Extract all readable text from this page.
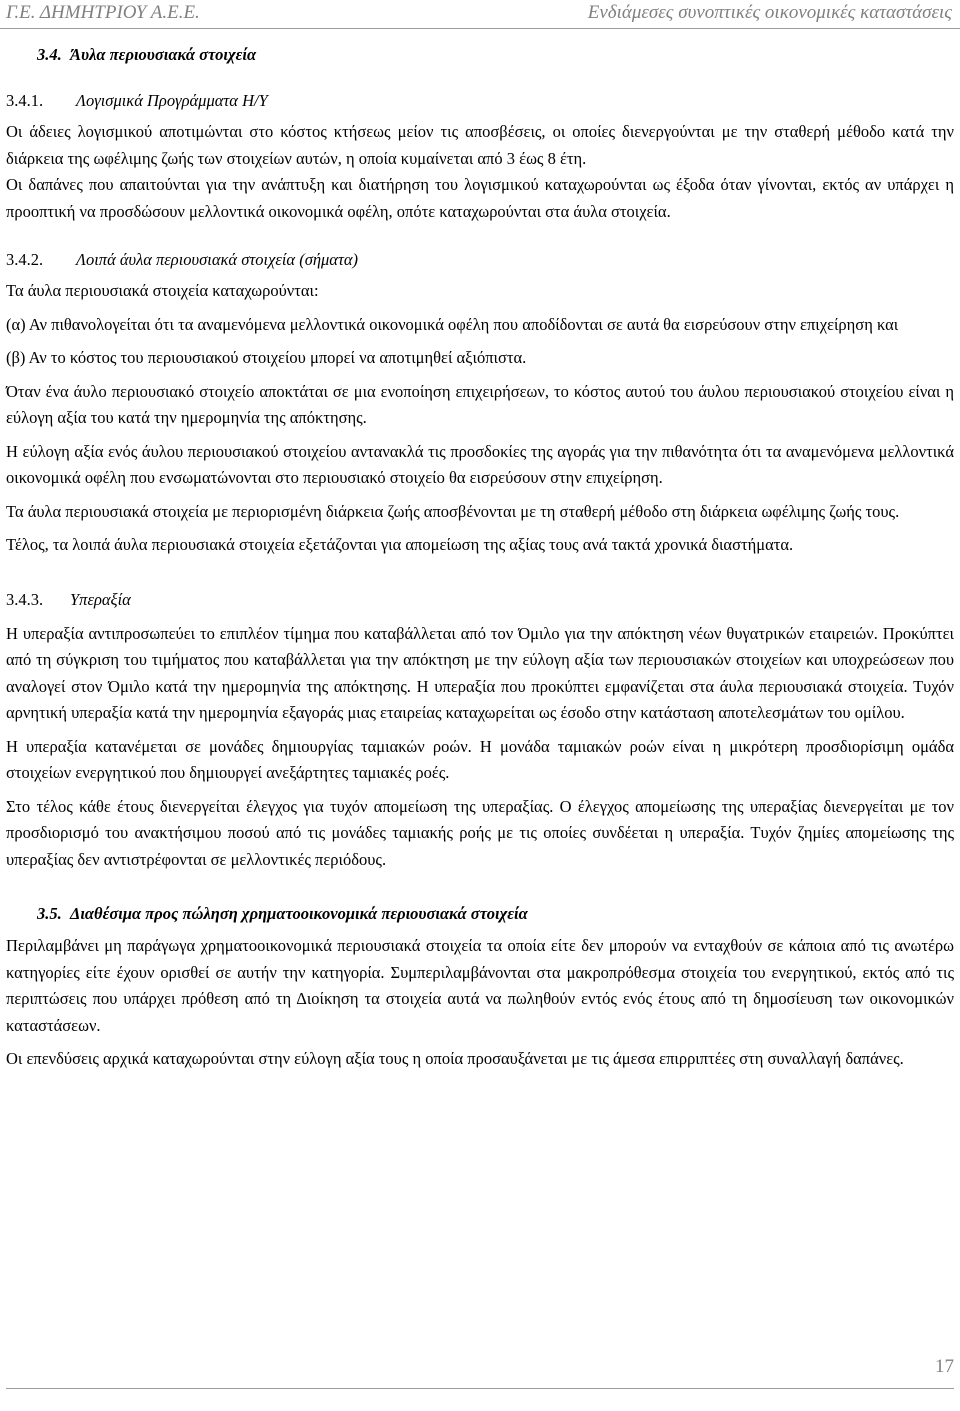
Γ.Ε. ΔΗΜΗΤΡΙΟΥ Α.Ε.Ε.	Ενδιάμεσες συνοπτικές οικονομικές καταστάσεις
3.4. Άυλα περιουσιακά στοιχεία
3.4.1. Λογισμικά Προγράμματα Η/Υ

Οι άδειες λογισμικού αποτιμώνται στο κόστος κτήσεως μείον τις αποσβέσεις, οι οποίες διενεργούνται με την σταθερή μέθοδο κατά την διάρκεια της ωφέλιμης ζωής των στοιχείων αυτών, η οποία κυμαίνεται από 3 έως 8 έτη.

Οι δαπάνες που απαιτούνται για την ανάπτυξη και διατήρηση του λογισμικού καταχωρούνται ως έξοδα όταν γίνονται, εκτός αν υπάρχει η προοπτική να προσδώσουν μελλοντικά οικονομικά οφέλη, οπότε καταχωρούνται στα άυλα στοιχεία.

3.4.2. Λοιπά άυλα περιουσιακά στοιχεία (σήματα)

Τα άυλα περιουσιακά στοιχεία καταχωρούνται:

(α) Αν πιθανολογείται ότι τα αναμενόμενα μελλοντικά οικονομικά οφέλη που αποδίδονται σε αυτά θα εισρεύσουν στην επιχείρηση και

(β) Αν το κόστος του περιουσιακού στοιχείου μπορεί να αποτιμηθεί αξιόπιστα.

Όταν ένα άυλο περιουσιακό στοιχείο αποκτάται σε μια ενοποίηση επιχειρήσεων, το κόστος αυτού του άυλου περιουσιακού στοιχείου είναι η εύλογη αξία του κατά την ημερομηνία της απόκτησης.

Η εύλογη αξία ενός άυλου περιουσιακού στοιχείου αντανακλά τις προσδοκίες της αγοράς για την πιθανότητα ότι τα αναμενόμενα μελλοντικά οικονομικά οφέλη που ενσωματώνονται στο περιουσιακό στοιχείο θα εισρεύσουν στην επιχείρηση.

Τα άυλα περιουσιακά στοιχεία με περιορισμένη διάρκεια ζωής αποσβένονται με τη σταθερή μέθοδο στη διάρκεια ωφέλιμης ζωής τους.

Τέλος, τα λοιπά άυλα περιουσιακά στοιχεία εξετάζονται για απομείωση της αξίας τους ανά τακτά χρονικά διαστήματα.

3.4.3. Υπεραξία

Η υπεραξία αντιπροσωπεύει το επιπλέον τίμημα που καταβάλλεται από τον Όμιλο για την απόκτηση νέων θυγατρικών εταιρειών. Προκύπτει από τη σύγκριση του τιμήματος που καταβάλλεται για την απόκτηση με την εύλογη αξία των περιουσιακών στοιχείων και υποχρεώσεων που αναλογεί στον Όμιλο κατά την ημερομηνία της απόκτησης. Η υπεραξία που προκύπτει εμφανίζεται στα άυλα περιουσιακά στοιχεία. Τυχόν αρνητική υπεραξία κατά την ημερομηνία εξαγοράς μιας εταιρείας καταχωρείται ως έσοδο στην κατάσταση αποτελεσμάτων του ομίλου.

Η υπεραξία κατανέμεται σε μονάδες δημιουργίας ταμιακών ροών. Η μονάδα ταμιακών ροών είναι η μικρότερη προσδιορίσιμη ομάδα στοιχείων ενεργητικού που δημιουργεί ανεξάρτητες ταμιακές ροές.

Στο τέλος κάθε έτους διενεργείται έλεγχος για τυχόν απομείωση της υπεραξίας. Ο έλεγχος απομείωσης της υπεραξίας διενεργείται με τον προσδιορισμό του ανακτήσιμου ποσού από τις μονάδες ταμιακής ροής με τις οποίες συνδέεται η υπεραξία. Τυχόν ζημίες απομείωσης της υπεραξίας δεν αντιστρέφονται σε μελλοντικές περιόδους.

3.5. Διαθέσιμα προς πώληση χρηματοοικονομικά περιουσιακά στοιχεία

Περιλαμβάνει μη παράγωγα χρηματοοικονομικά περιουσιακά στοιχεία τα οποία είτε δεν μπορούν να ενταχθούν σε κάποια από τις ανωτέρω κατηγορίες είτε έχουν ορισθεί σε αυτήν την κατηγορία. Συμπεριλαμβάνονται στα μακροπρόθεσμα στοιχεία του ενεργητικού, εκτός από τις περιπτώσεις που υπάρχει πρόθεση από τη Διοίκηση τα στοιχεία αυτά να πωληθούν εντός ενός έτους από τη δημοσίευση των οικονομικών καταστάσεων.

Οι επενδύσεις αρχικά καταχωρούνται στην εύλογη αξία τους η οποία προσαυξάνεται με τις άμεσα επιρριπτέες στη συναλλαγή δαπάνες.

17
